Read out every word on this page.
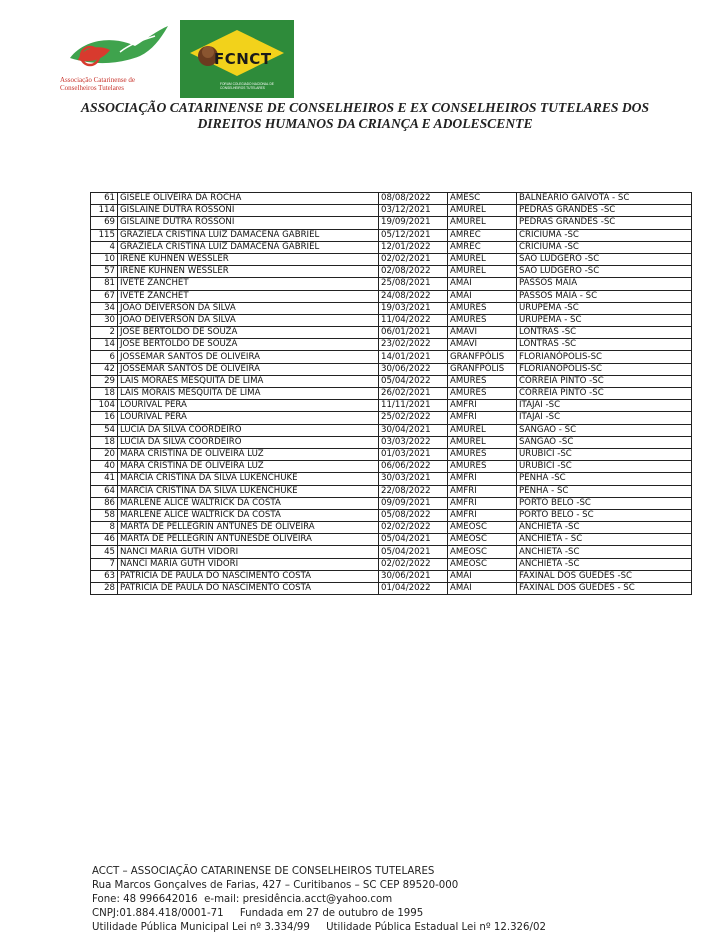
Associação Catarinense de Conselheiros Tutelares
FCNCT
FORUM COLEGIADO NACIONAL DE CONSELHEIROS TUTELARES
ASSOCIAÇÃO CATARINENSE DE CONSELHEIROS E EX CONSELHEIROS TUTELARES DOS
DIREITOS HUMANOS DA CRIANÇA E ADOLESCENTE
61	GISELE OLIVEIRA DA ROCHA	08/08/2022	AMESC	BALNEÁRIO GAIVOTA - SC
114	GISLAINE DUTRA ROSSONI	03/12/2021	AMUREL	PEDRAS GRANDES -SC
69	GISLAINE DUTRA ROSSONI	19/09/2021	AMUREL	PEDRAS GRANDES -SC
115	GRAZIELA CRISTINA LUIZ DAMACENA GABRIEL	05/12/2021	AMREC	CRICIUMA -SC
4	GRAZIELA CRISTINA LUIZ DAMACENA GABRIEL	12/01/2022	AMREC	CRICIUMA -SC
10	IRENE KUHNEN WESSLER	02/02/2021	AMUREL	SÃO LUDGERO -SC
57	IRENE KUHNEN WESSLER	02/08/2022	AMUREL	SÃO LUDGERO -SC
81	IVETE ZANCHET	25/08/2021	AMAI	PASSOS MAIA
67	IVETE ZANCHET	24/08/2022	AMAI	PASSOS MAIA - SC
34	JOÃO DEIVERSON DA SILVA	19/03/2021	AMURES	URUPEMA -SC
30	JOÃO DEIVERSON DA SILVA	11/04/2022	AMURES	URUPEMA - SC
2	JOSE BERTOLDO DE SOUZA	06/01/2021	AMAVI	LONTRAS -SC
14	JOSÉ BERTOLDO DE SOUZA	23/02/2022	AMAVI	LONTRAS -SC
6	JOSSEMAR SANTOS DE OLIVEIRA	14/01/2021	GRANFPÓLIS	FLORIANÓPOLIS-SC
42	JOSSEMAR SANTOS DE OLIVEIRA	30/06/2022	GRANFPÓLIS	FLORIANÓPOLIS-SC
29	LAIS MORAES MESQUITA DE LIMA	05/04/2022	AMURES	CORREIA PINTO -SC
18	LAIS MORAIS MESQUITA DE LIMA	26/02/2021	AMURES	CORREIA PINTO -SC
104	LOURIVAL PERA	11/11/2021	AMFRI	ITAJAI -SC
16	LOURIVAL PERA	25/02/2022	AMFRI	ITAJAI -SC
54	LUCIA DA SILVA COORDEIRO	30/04/2021	AMUREL	SANGÃO - SC
18	LUCIA DA SILVA COORDEIRO	03/03/2022	AMUREL	SANGÃO -SC
20	MARA CRISTINA DE OLIVEIRA LUZ	01/03/2021	AMURES	URUBICI -SC
40	MARA CRISTINA DE OLIVEIRA LUZ	06/06/2022	AMURES	URUBICI -SC
41	MARCIA CRISTINA DA SILVA LUKENCHUKE	30/03/2021	AMFRI	PENHA -SC
64	MARCIA CRISTINA DA SILVA LUKENCHUKE	22/08/2022	AMFRI	PENHA - SC
86	MARLENE ALICE WALTRICK DA COSTA	09/09/2021	AMFRI	PORTO BELO -SC
58	MARLENE ALICE WALTRICK DA COSTA	05/08/2022	AMFRI	PORTO BELO - SC
8	MARTA DE PELLEGRIN ANTUNES DE OLIVEIRA	02/02/2022	AMEOSC	ANCHIETA -SC
46	MARTA DE PELLEGRIN ANTUNESDE OLIVEIRA	05/04/2021	AMEOSC	ANCHIETA - SC
45	NANCI MARIA GUTH VIDORI	05/04/2021	AMEOSC	ANCHIETA -SC
7	NANCI MARIA GUTH VIDORI	02/02/2022	AMEOSC	ANCHIETA -SC
63	PATRICIA DE PAULA DO NASCIMENTO COSTA	30/06/2021	AMAI	FAXINAL DOS GUEDES -SC
28	PATRICIA DE PAULA DO NASCIMENTO COSTA	01/04/2022	AMAI	FAXINAL DOS GUEDES - SC
ACCT – ASSOCIAÇÃO CATARINENSE DE CONSELHEIROS TUTELARES
Rua Marcos Gonçalves de Farias, 427 – Curitibanos – SC CEP 89520-000
Fone: 48 996642016  e-mail: presidência.acct@yahoo.com
CNPJ:01.884.418/0001-71     Fundada em 27 de outubro de 1995
Utilidade Pública Municipal Lei nº 3.334/99     Utilidade Pública Estadual Lei nº 12.326/02
